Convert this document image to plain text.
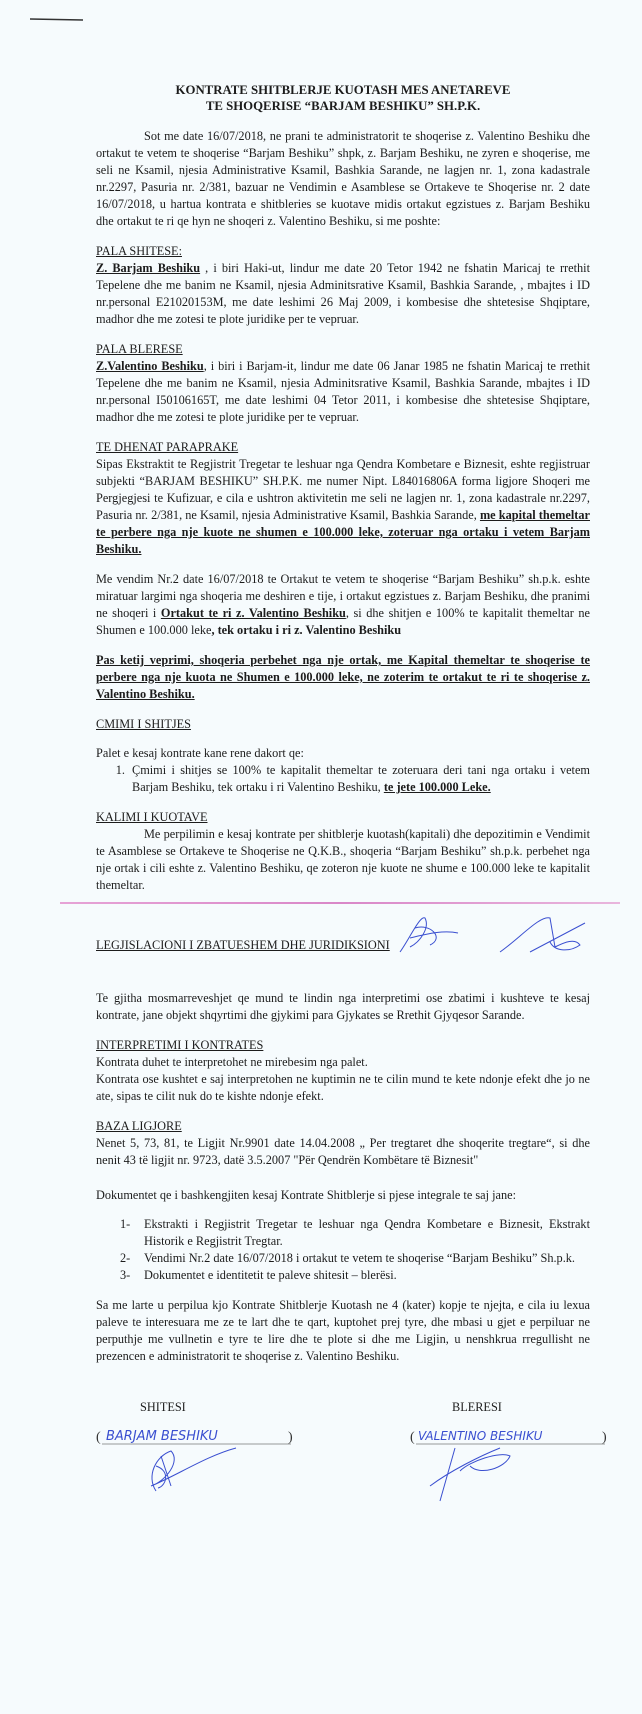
KONTRATE SHITBLERJE KUOTASH MES ANETAREVE
TE SHOQERISE “BARJAM BESHIKU” SH.P.K.
Sot me date 16/07/2018, ne prani te administratorit te shoqerise z. Valentino Beshiku dhe ortakut te vetem te shoqerise “Barjam Beshiku” shpk, z. Barjam Beshiku, ne zyren e shoqerise, me seli ne Ksamil, njesia Administrative Ksamil, Bashkia Sarande, ne lagjen nr. 1, zona kadastrale nr.2297, Pasuria nr. 2/381, bazuar ne Vendimin e Asamblese se Ortakeve te Shoqerise nr. 2 date 16/07/2018, u hartua kontrata e shitbleries se kuotave midis ortakut egzistues z. Barjam Beshiku dhe ortakut te ri qe hyn ne shoqeri z. Valentino Beshiku, si me poshte:

PALA SHITESE:

Z. Barjam Beshiku , i biri Haki-ut, lindur me date 20 Tetor 1942 ne fshatin Maricaj te rrethit Tepelene dhe me banim ne Ksamil, njesia Adminitsrative Ksamil, Bashkia Sarande, , mbajtes i ID nr.personal E21020153M, me date leshimi 26 Maj 2009, i kombesise dhe shtetesise Shqiptare, madhor dhe me zotesi te plote juridike per te vepruar.

PALA BLERESE

Z.Valentino Beshiku, i biri i Barjam-it, lindur me date 06 Janar 1985 ne fshatin Maricaj te rrethit Tepelene dhe me banim ne Ksamil, njesia Adminitsrative Ksamil, Bashkia Sarande, mbajtes i ID nr.personal I50106165T, me date leshimi 04 Tetor 2011, i kombesise dhe shtetesise Shqiptare, madhor dhe me zotesi te plote juridike per te vepruar.

TE DHENAT PARAPRAKE

Sipas Ekstraktit te Regjistrit Tregetar te leshuar nga Qendra Kombetare e Biznesit, eshte regjistruar subjekti “BARJAM BESHIKU” SH.P.K. me numer Nipt. L84016806A forma ligjore Shoqeri me Pergjegjesi te Kufizuar, e cila e ushtron aktivitetin me seli ne lagjen nr. 1, zona kadastrale nr.2297, Pasuria nr. 2/381, ne Ksamil, njesia Administrative Ksamil, Bashkia Sarande, me kapital themeltar te perbere nga nje kuote ne shumen e 100.000 leke, zoteruar nga ortaku i vetem Barjam Beshiku.

Me vendim Nr.2 date 16/07/2018 te Ortakut te vetem te shoqerise “Barjam Beshiku” sh.p.k. eshte miratuar largimi nga shoqeria me deshiren e tije, i ortakut egzistues z. Barjam Beshiku, dhe pranimi ne shoqeri i Ortakut te ri z. Valentino Beshiku, si dhe shitjen e 100% te kapitalit themeltar ne Shumen e 100.000 leke, tek ortaku i ri z. Valentino Beshiku
Pas ketij veprimi, shoqeria perbehet nga nje ortak, me Kapital themeltar te shoqerise te perbere nga nje kuota ne Shumen e 100.000 leke, ne zoterim te ortakut te ri te shoqerise z. Valentino Beshiku.

CMIMI I SHITJES

Palet e kesaj kontrate kane rene dakort qe:

1. Çmimi i shitjes se 100% te kapitalit themeltar te zoteruara deri tani nga ortaku i vetem Barjam Beshiku, tek ortaku i ri Valentino Beshiku, te jete 100.000 Leke.

KALIMI I KUOTAVE

Me perpilimin e kesaj kontrate per shitblerje kuotash(kapitali) dhe depozitimin e Vendimit te Asamblese se Ortakeve te Shoqerise ne Q.K.B., shoqeria “Barjam Beshiku” sh.p.k. perbehet nga nje ortak i cili eshte z. Valentino Beshiku, qe zoteron nje kuote ne shume e 100.000 leke te kapitalit themeltar.

LEGJISLACIONI I ZBATUESHEM DHE JURIDIKSIONI
Te gjitha mosmarreveshjet qe mund te lindin nga interpretimi ose zbatimi i kushteve te kesaj kontrate, jane objekt shqyrtimi dhe gjykimi para Gjykates se Rrethit Gjyqesor Sarande.

INTERPRETIMI I KONTRATES

Kontrata duhet te interpretohet ne mirebesim nga palet.

Kontrata ose kushtet e saj interpretohen ne kuptimin ne te cilin mund te kete ndonje efekt dhe jo ne ate, sipas te cilit nuk do te kishte ndonje efekt.

BAZA LIGJORE

Nenet 5, 73, 81, te Ligjit Nr.9901 date 14.04.2008 „ Per tregtaret dhe shoqerite tregtare“, si dhe nenit 43 të ligjit nr. 9723, datë 3.5.2007 "Për Qendrën Kombëtare të Biznesit"

Dokumentet qe i bashkengjiten kesaj Kontrate Shitblerje si pjese integrale te saj jane:

1-	Ekstrakti i Regjistrit Tregetar te leshuar nga Qendra Kombetare e Biznesit, Ekstrakt Historik e Regjistrit Tregtar.
2-	Vendimi Nr.2 date 16/07/2018 i ortakut te vetem te shoqerise “Barjam Beshiku” Sh.p.k.
3-	Dokumentet e identitetit te paleve shitesit – blerësi.
Sa me larte u perpilua kjo Kontrate Shitblerje Kuotash ne 4 (kater) kopje te njejta, e cila iu lexua paleve te interesuara me ze te lart dhe te qart, kuptohet prej tyre, dhe mbasi u gjet e perpiluar ne perputhje me vullnetin e tyre te lire dhe te plote si dhe me Ligjin, u nenshkrua rregullisht ne prezencen e administratorit te shoqerise z. Valentino Beshiku.
SHITESI
(	)
BARJAM BESHIKU
BLERESI
(	)
VALENTINO BESHIKU
